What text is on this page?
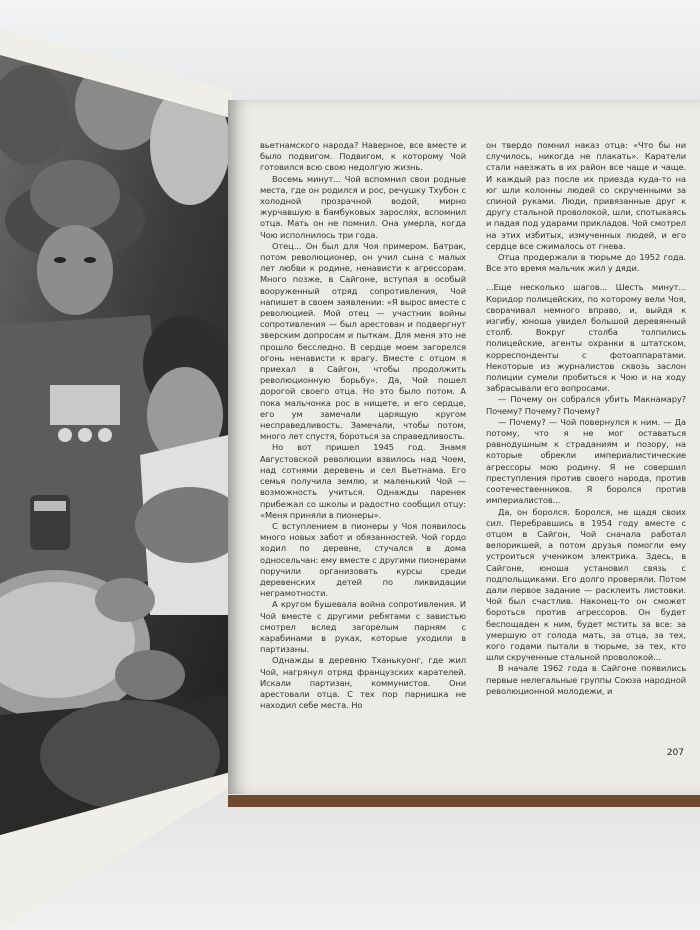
вьетнамского народа? Наверное, все вместе и было подвигом. Подвигом, к которому Чой готовился всю свою недолгую жизнь.

Восемь минут... Чой вспомнил свои родные места, где он родился и рос, речушку Тхубон с холодной прозрачной водой, мирно журчавшую в бамбуковых зарослях, вспомнил отца. Мать он не помнил. Она умерла, когда Чою исполнилось три года.

Отец... Он был для Чоя примером. Батрак, потом революционер, он учил сына с малых лет любви к родине, ненависти к агрессорам. Много позже, в Сайгоне, вступая в особый вооруженный отряд сопротивления, Чой напишет в своем заявлении: «Я вырос вместе с революцией. Мой отец — участник войны сопротивления — был арестован и подвергнут зверским допросам и пыткам. Для меня это не прошло бесследно. В сердце моем загорелся огонь ненависти к врагу. Вместе с отцом я приехал в Сайгон, чтобы продолжить революционную борьбу». Да, Чой пошел дорогой своего отца. Но это было потом. А пока мальчонка рос в нищете, и его сердце, его ум замечали царящую кругом несправедливость. Замечали, чтобы потом, много лет спустя, бороться за справедливость.

Но вот пришел 1945 год. Знамя Августовской революции взвилось над Чоем, над сотнями деревень и сел Вьетнама. Его семья получила землю, и маленький Чой — возможность учиться. Однажды паренек прибежал со школы и радостно сообщил отцу: «Меня приняли в пионеры».

С вступлением в пионеры у Чоя появилось много новых забот и обязанностей. Чой гордо ходил по деревне, стучался в дома односельчан: ему вместе с другими пионерами поручили организовать курсы среди деревенских детей по ликвидации неграмотности.

А кругом бушевала война сопротивления. И Чой вместе с другими ребятами с завистью смотрел вслед загорелым парням с карабинами в руках, которые уходили в партизаны.

Однажды в деревню Тханькуонг, где жил Чой, нагрянул отряд французских карателей. Искали партизан, коммунистов. Они арестовали отца. С тех пор парнишка не находил себе места. Но

он твердо помнил наказ отца: «Что бы ни случилось, никогда не плакать». Каратели стали наезжать в их район все чаще и чаще. И каждый раз после их приезда куда-то на юг шли колонны людей со скрученными за спиной руками. Люди, привязанные друг к другу стальной проволокой, шли, спотыкаясь и падая под ударами прикладов. Чой смотрел на этих избитых, измученных людей, и его сердце все сжималось от гнева.

Отца продержали в тюрьме до 1952 года. Все это время мальчик жил у дяди.

...Еще несколько шагов... Шесть минут... Коридор полицейских, по которому вели Чоя, сворачивал немного вправо, и, выйдя к изгибу, юноша увидел большой деревянный столб. Вокруг столба толпились полицейские, агенты охранки в штатском, корреспонденты с фотоаппаратами. Некоторые из журналистов сквозь заслон полиции сумели пробиться к Чою и на ходу забрасывали его вопросами.

— Почему он собрался убить Макнамару? Почему? Почему? Почему?

— Почему? — Чой повернулся к ним. — Да потому, что я не мог оставаться равнодушным к страданиям и позору, на которые обрекли империалистические агрессоры мою родину. Я не совершил преступления против своего народа, против соотечественников. Я боролся против империалистов...

Да, он боролся. Боролся, не щадя своих сил. Перебравшись в 1954 году вместе с отцом в Сайгон, Чой сначала работал велорикшей, а потом друзья помогли ему устроиться учеником электрика. Здесь, в Сайгоне, юноша установил связь с подпольщиками. Его долго проверяли. Потом дали первое задание — расклеить листовки. Чой был счастлив. Наконец-то он сможет бороться против агрессоров. Он будет беспощаден к ним, будет мстить за все: за умершую от голода мать, за отца, за тех, кого годами пытали в тюрьме, за тех, кто шли скрученные стальной проволокой...

В начале 1962 года в Сайгоне появились первые нелегальные группы Союза народной революционной молодежи, и

207
